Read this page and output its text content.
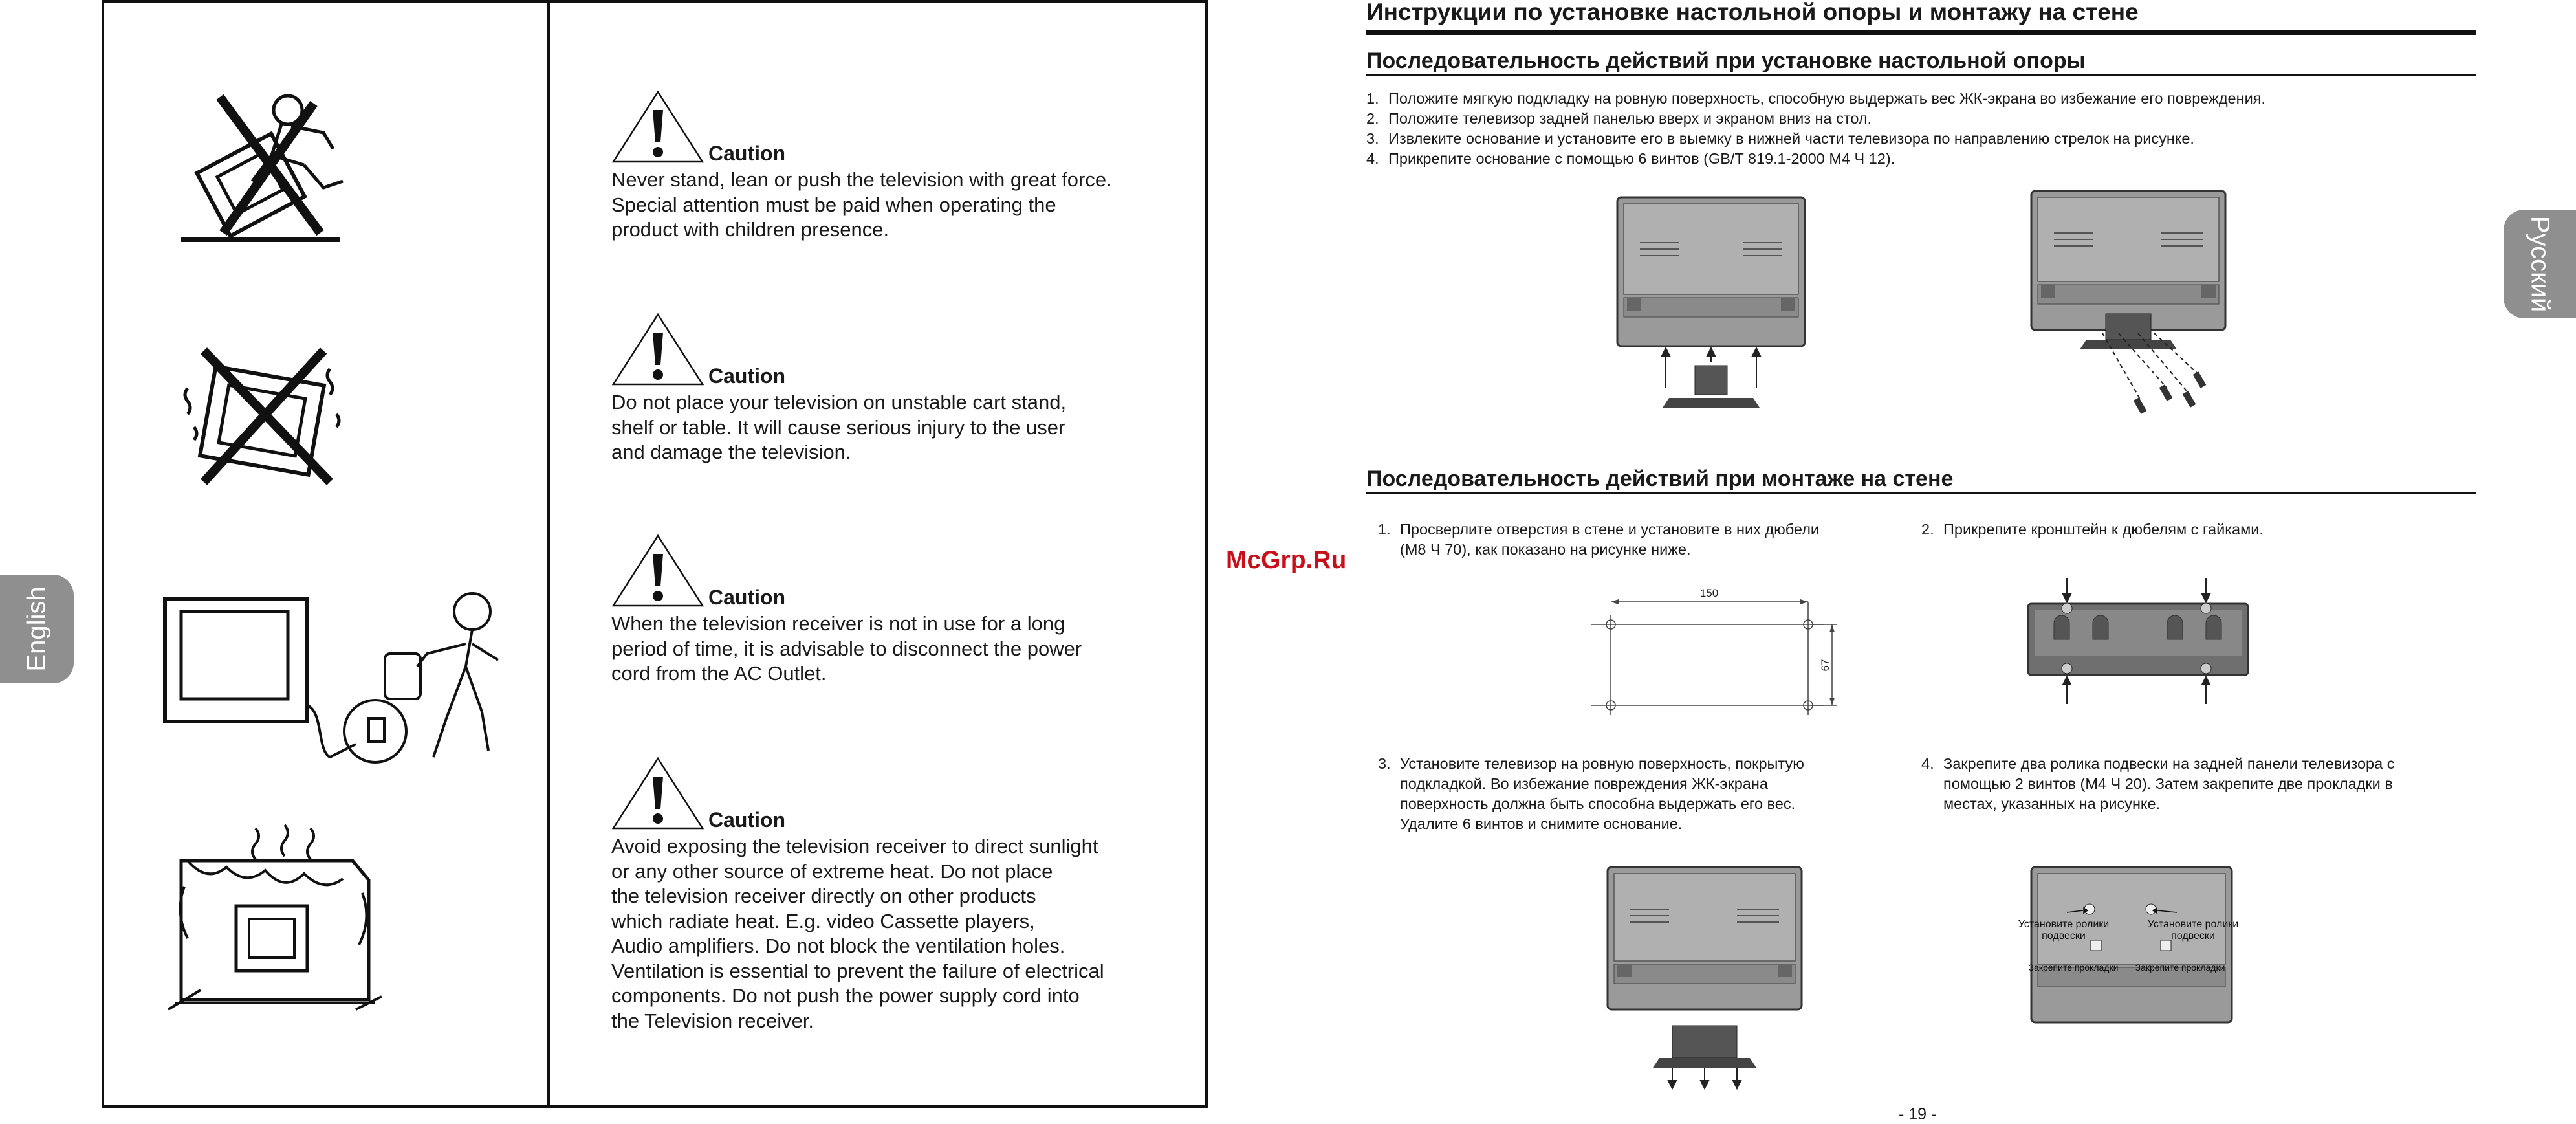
English
Caution
Never stand, lean or push the television with great force.
Special attention must be paid when operating the
product with children presence.
Caution
Do not place your television on unstable cart stand,
shelf or table. It will cause serious injury to the user
and damage the television.
Caution
When the television receiver is not in use for a long
period of time, it is advisable to disconnect the power
cord from the AC Outlet.
Caution
Avoid exposing the television receiver to direct sunlight
or any other source of extreme heat. Do not place
the television receiver directly on other products
which radiate heat. E.g. video Cassette players,
Audio amplifiers. Do not block the ventilation holes.
Ventilation is essential to prevent the failure of electrical
components. Do not push the power supply cord into
the Television receiver.
McGrp.Ru
Инструкции по установке настольной опоры и монтажу на стене
Русский
Последовательность действий при установке настольной опоры
1. Положите мягкую подкладку на ровную поверхность, способную выдержать вес ЖК-экрана во избежание его повреждения.
2. Положите телевизор задней панелью вверх и экраном вниз на стол.
3. Извлеките основание и установите его в выемку в нижней части телевизора по направлению стрелок на рисунке.
4. Прикрепите основание с помощью 6 винтов (GB/T 819.1-2000 M4 Ч 12).
Последовательность действий при монтаже на стене
1. Просверлите отверстия в стене и установите в них дюбели
(M8 Ч 70), как показано на рисунке ниже.
2. Прикрепите кронштейн к дюбелям с гайками.
150
67
3. Установите телевизор на ровную поверхность, покрытую
подкладкой. Во избежание повреждения ЖК-экрана
поверхность должна быть способна выдержать его вес.
Удалите 6 винтов и снимите основание.
4. Закрепите два ролика подвески на задней панели телевизора с
помощью 2 винтов (M4 Ч 20). Затем закрепите две прокладки в
местах, указанных на рисунке.
Установите ролики
подвески
Установите ролики
подвески
Закрепите прокладки Закрепите прокладки
- 19 -
